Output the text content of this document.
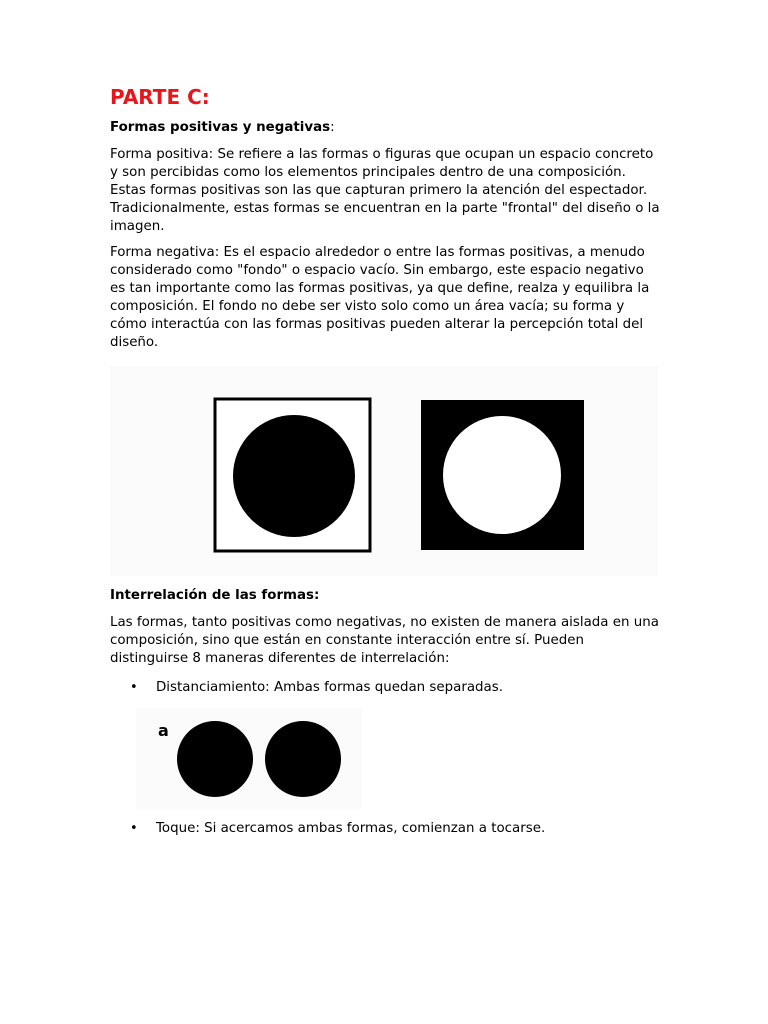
PARTE C:
Formas positivas y negativas:

Forma positiva: Se refiere a las formas o figuras que ocupan un espacio concreto y son percibidas como los elementos principales dentro de una composición. Estas formas positivas son las que capturan primero la atención del espectador. Tradicionalmente, estas formas se encuentran en la parte "frontal" del diseño o la imagen.

Forma negativa: Es el espacio alrededor o entre las formas positivas, a menudo considerado como "fondo" o espacio vacío. Sin embargo, este espacio negativo es tan importante como las formas positivas, ya que define, realza y equilibra la composición. El fondo no debe ser visto solo como un área vacía; su forma y cómo interactúa con las formas positivas pueden alterar la percepción total del diseño.

Interrelación de las formas:

Las formas, tanto positivas como negativas, no existen de manera aislada en una composición, sino que están en constante interacción entre sí. Pueden distinguirse 8 maneras diferentes de interrelación:

• Distanciamiento: Ambas formas quedan separadas.
a
• Toque: Si acercamos ambas formas, comienzan a tocarse.
